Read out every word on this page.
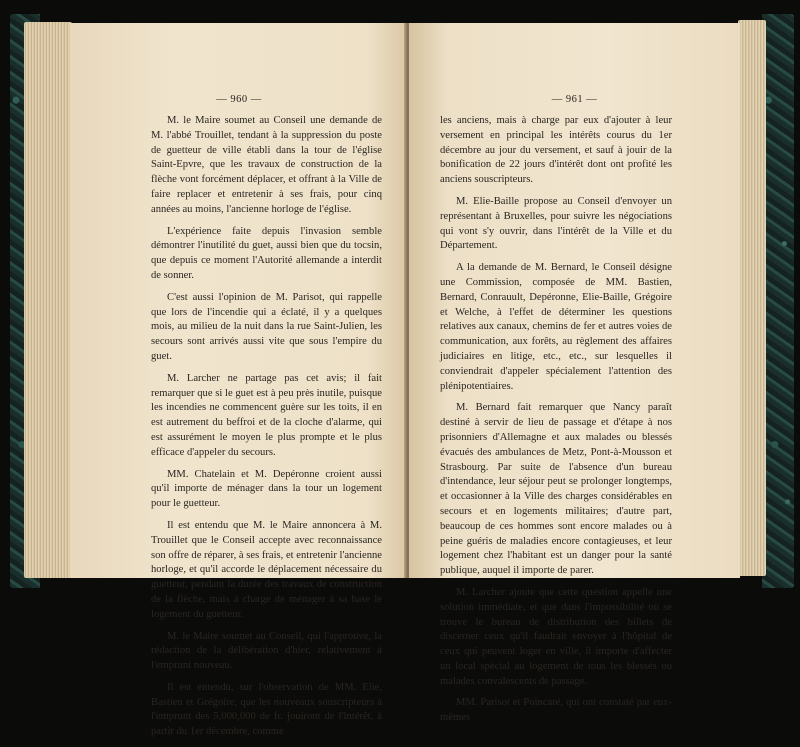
— 960 —

M. le Maire soumet au Conseil une demande de M. l'abbé Trouillet, tendant à la suppression du poste de guetteur de ville établi dans la tour de l'église Saint-Epvre, que les travaux de construction de la flèche vont forcément déplacer, et offrant à la Ville de faire replacer et entretenir à ses frais, pour cinq années au moins, l'ancienne horloge de l'église.

L'expérience faite depuis l'invasion semble démontrer l'inutilité du guet, aussi bien que du tocsin, que depuis ce moment l'Autorité allemande a interdit de sonner.

C'est aussi l'opinion de M. Parisot, qui rappelle que lors de l'incendie qui a éclaté, il y a quelques mois, au milieu de la nuit dans la rue Saint-Julien, les secours sont arrivés aussi vite que sous l'empire du guet.

M. Larcher ne partage pas cet avis; il fait remarquer que si le guet est à peu près inutile, puisque les incendies ne commencent guère sur les toits, il en est autrement du beffroi et de la cloche d'alarme, qui est assurément le moyen le plus prompte et le plus efficace d'appeler du secours.

MM. Chatelain et M. Depéronne croient aussi qu'il importe de ménager dans la tour un logement pour le guetteur.

Il est entendu que M. le Maire annoncera à M. Trouillet que le Conseil accepte avec reconnaissance son offre de réparer, à ses frais, et entretenir l'ancienne horloge, et qu'il accorde le déplacement nécessaire du guetteur, pendant la durée des travaux de construction de la flèche, mais à charge de ménager à sa base le logement du guetteur.

M. le Maire soumet au Conseil, qui l'approuve, la rédaction de la délibération d'hier, relativement à l'emprunt nouveau.

Il est entendu, sur l'observation de MM. Elie, Bastien et Grégoire, que les nouveaux souscripteurs à l'emprunt des 5,000,000 de fr. jouiront de l'intérêt, à partir du 1er décembre, comme

— 961 —

les anciens, mais à charge par eux d'ajouter à leur versement en principal les intérêts courus du 1er décembre au jour du versement, et sauf à jouir de la bonification de 22 jours d'intérêt dont ont profité les anciens souscripteurs.

M. Elie-Baille propose au Conseil d'envoyer un représentant à Bruxelles, pour suivre les négociations qui vont s'y ouvrir, dans l'intérêt de la Ville et du Département.

A la demande de M. Bernard, le Conseil désigne une Commission, composée de MM. Bastien, Bernard, Conrauult, Depéronne, Elie-Baille, Grégoire et Welche, à l'effet de déterminer les questions relatives aux canaux, chemins de fer et autres voies de communication, aux forêts, au règlement des affaires judiciaires en litige, etc., etc., sur lesquelles il conviendrait d'appeler spécialement l'attention des plénipotentiaires.

M. Bernard fait remarquer que Nancy paraît destiné à servir de lieu de passage et d'étape à nos prisonniers d'Allemagne et aux malades ou blessés évacués des ambulances de Metz, Pont-à-Mousson et Strasbourg. Par suite de l'absence d'un bureau d'intendance, leur séjour peut se prolonger longtemps, et occasionner à la Ville des charges considérables en secours et en logements militaires; d'autre part, beaucoup de ces hommes sont encore malades ou à peine guéris de maladies encore contagieuses, et leur logement chez l'habitant est un danger pour la santé publique, auquel il importe de parer.

M. Larcher ajoute que cette question appelle une solution immédiate, et que dans l'impossibilité où se trouve le bureau de distribution des billets de discerner ceux qu'il faudrait envoyer à l'hôpital de ceux qui peuvent loger en ville, il importe d'affecter un local spécial au logement de tous les blessés ou malades convalescents de passage.

MM. Parisot et Poincaré, qui ont constaté par eux-mêmes
